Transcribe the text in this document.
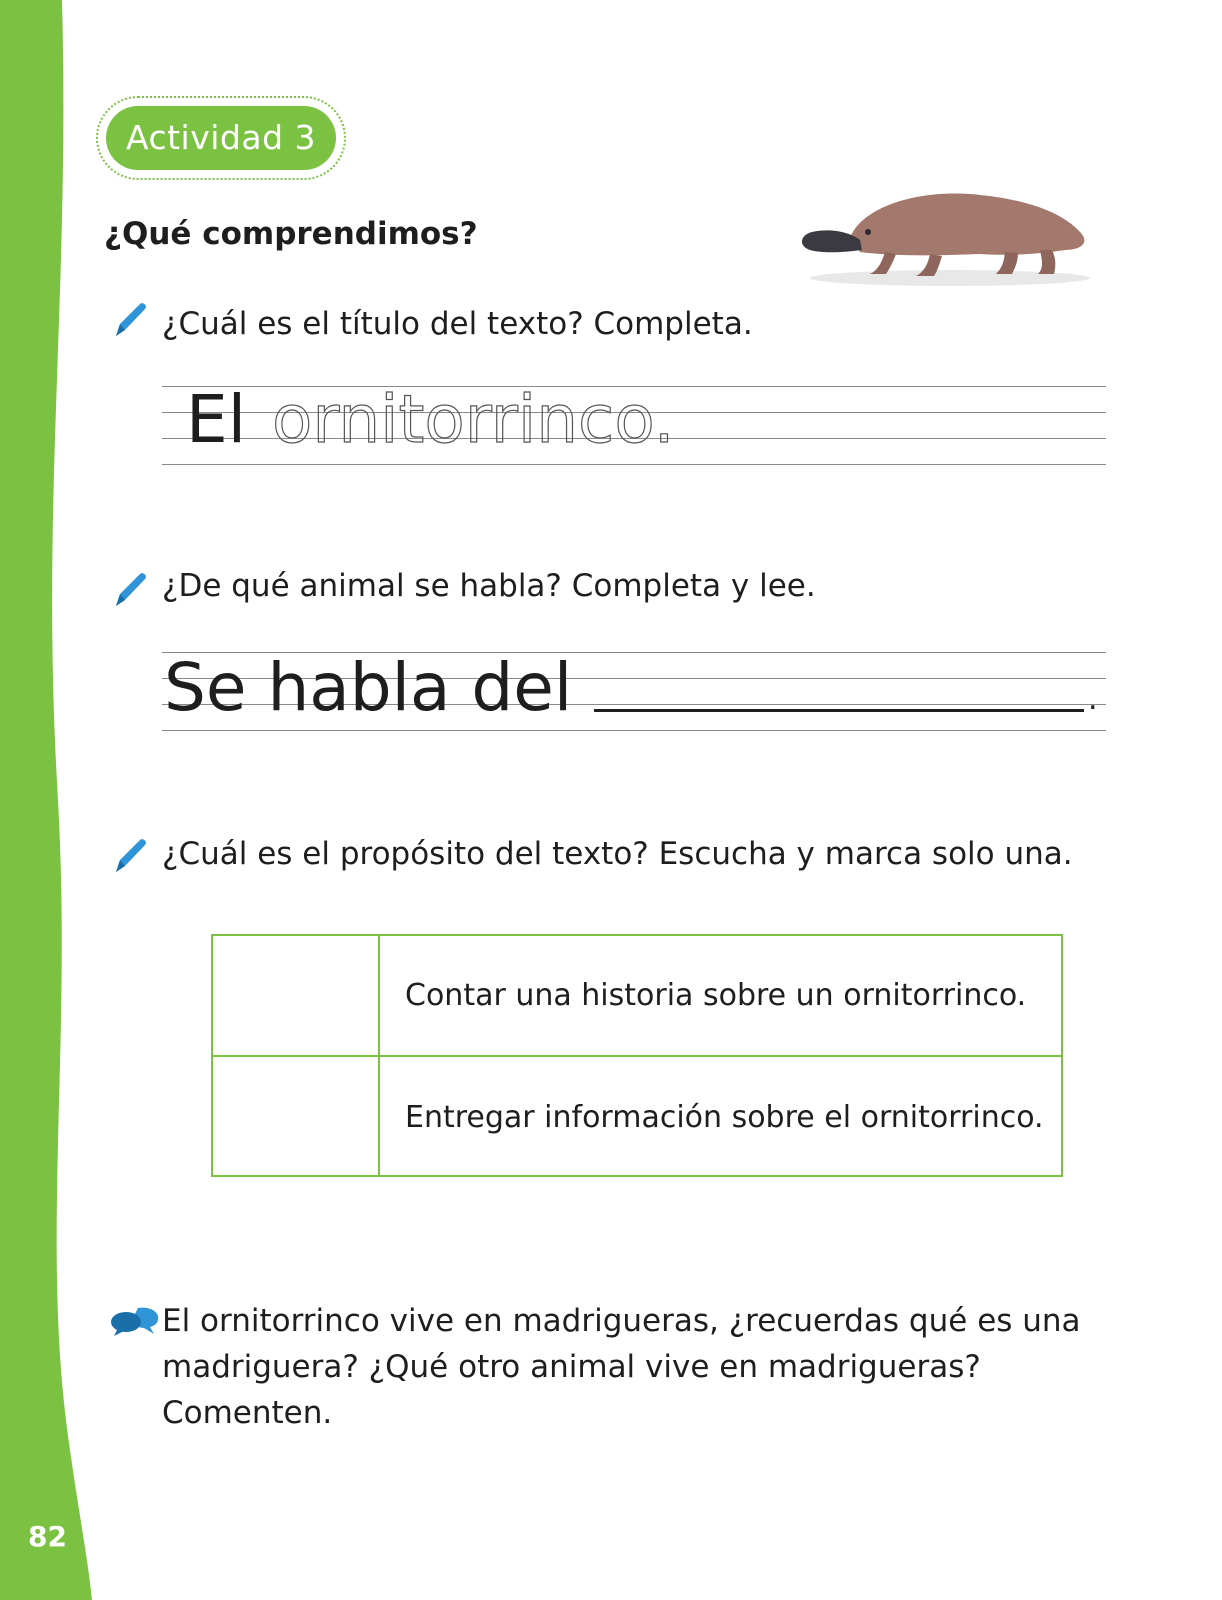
82
Actividad 3
¿Qué comprendimos?
¿Cuál es el título del texto? Completa.
El ornitorrinco.
¿De qué animal se habla? Completa y lee.
Se habla del	.
¿Cuál es el propósito del texto? Escucha y marca solo una.
Contar una historia sobre un ornitorrinco.
Entregar información sobre el ornitorrinco.
El ornitorrinco vive en madrigueras, ¿recuerdas qué es una madriguera? ¿Qué otro animal vive en madrigueras? Comenten.
